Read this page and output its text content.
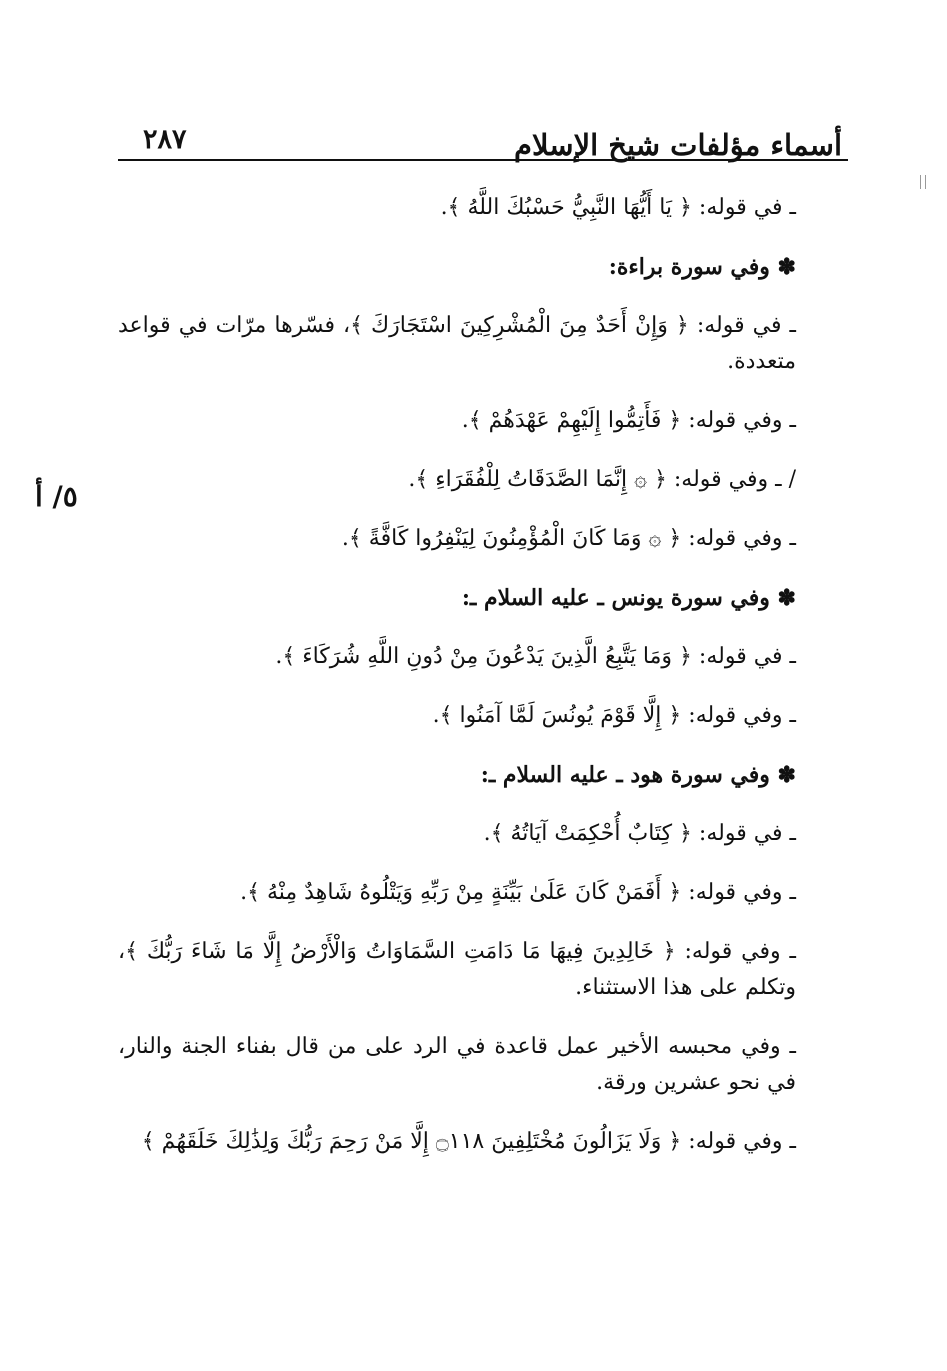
أسماء مؤلفات شيخ الإسلام
٢٨٧
٥/ أ

ـ في قوله: ﴿ يَا أَيُّهَا النَّبِيُّ حَسْبُكَ اللَّهُ ﴾.

✽ وفي سورة براءة:

ـ في قوله: ﴿ وَإِنْ أَحَدٌ مِنَ الْمُشْرِكِينَ اسْتَجَارَكَ ﴾، فسّرها مرّات في قواعد متعددة.

ـ وفي قوله: ﴿ فَأَتِمُّوا إِلَيْهِمْ عَهْدَهُمْ ﴾.

/ ـ وفي قوله: ﴿ ۞ إِنَّمَا الصَّدَقَاتُ لِلْفُقَرَاءِ ﴾.

ـ وفي قوله: ﴿ ۞ وَمَا كَانَ الْمُؤْمِنُونَ لِيَنْفِرُوا كَافَّةً ﴾.

✽ وفي سورة يونس ـ عليه السلام ـ:

ـ في قوله: ﴿ وَمَا يَتَّبِعُ الَّذِينَ يَدْعُونَ مِنْ دُونِ اللَّهِ شُرَكَاءَ ﴾.

ـ وفي قوله: ﴿ إِلَّا قَوْمَ يُونُسَ لَمَّا آمَنُوا ﴾.

✽ وفي سورة هود ـ عليه السلام ـ:

ـ في قوله: ﴿ كِتَابٌ أُحْكِمَتْ آيَاتُهُ ﴾.

ـ وفي قوله: ﴿ أَفَمَنْ كَانَ عَلَىٰ بَيِّنَةٍ مِنْ رَبِّهِ وَيَتْلُوهُ شَاهِدٌ مِنْهُ ﴾.

ـ وفي قوله: ﴿ خَالِدِينَ فِيهَا مَا دَامَتِ السَّمَاوَاتُ وَالْأَرْضُ إِلَّا مَا شَاءَ رَبُّكَ ﴾، وتكلم على هذا الاستثناء.

ـ وفي محبسه الأخير عمل قاعدة في الرد على من قال بفناء الجنة والنار، في نحو عشرين ورقة.

ـ وفي قوله: ﴿ وَلَا يَزَالُونَ مُخْتَلِفِينَ ۝١١٨ إِلَّا مَنْ رَحِمَ رَبُّكَ وَلِذَٰلِكَ خَلَقَهُمْ ﴾
